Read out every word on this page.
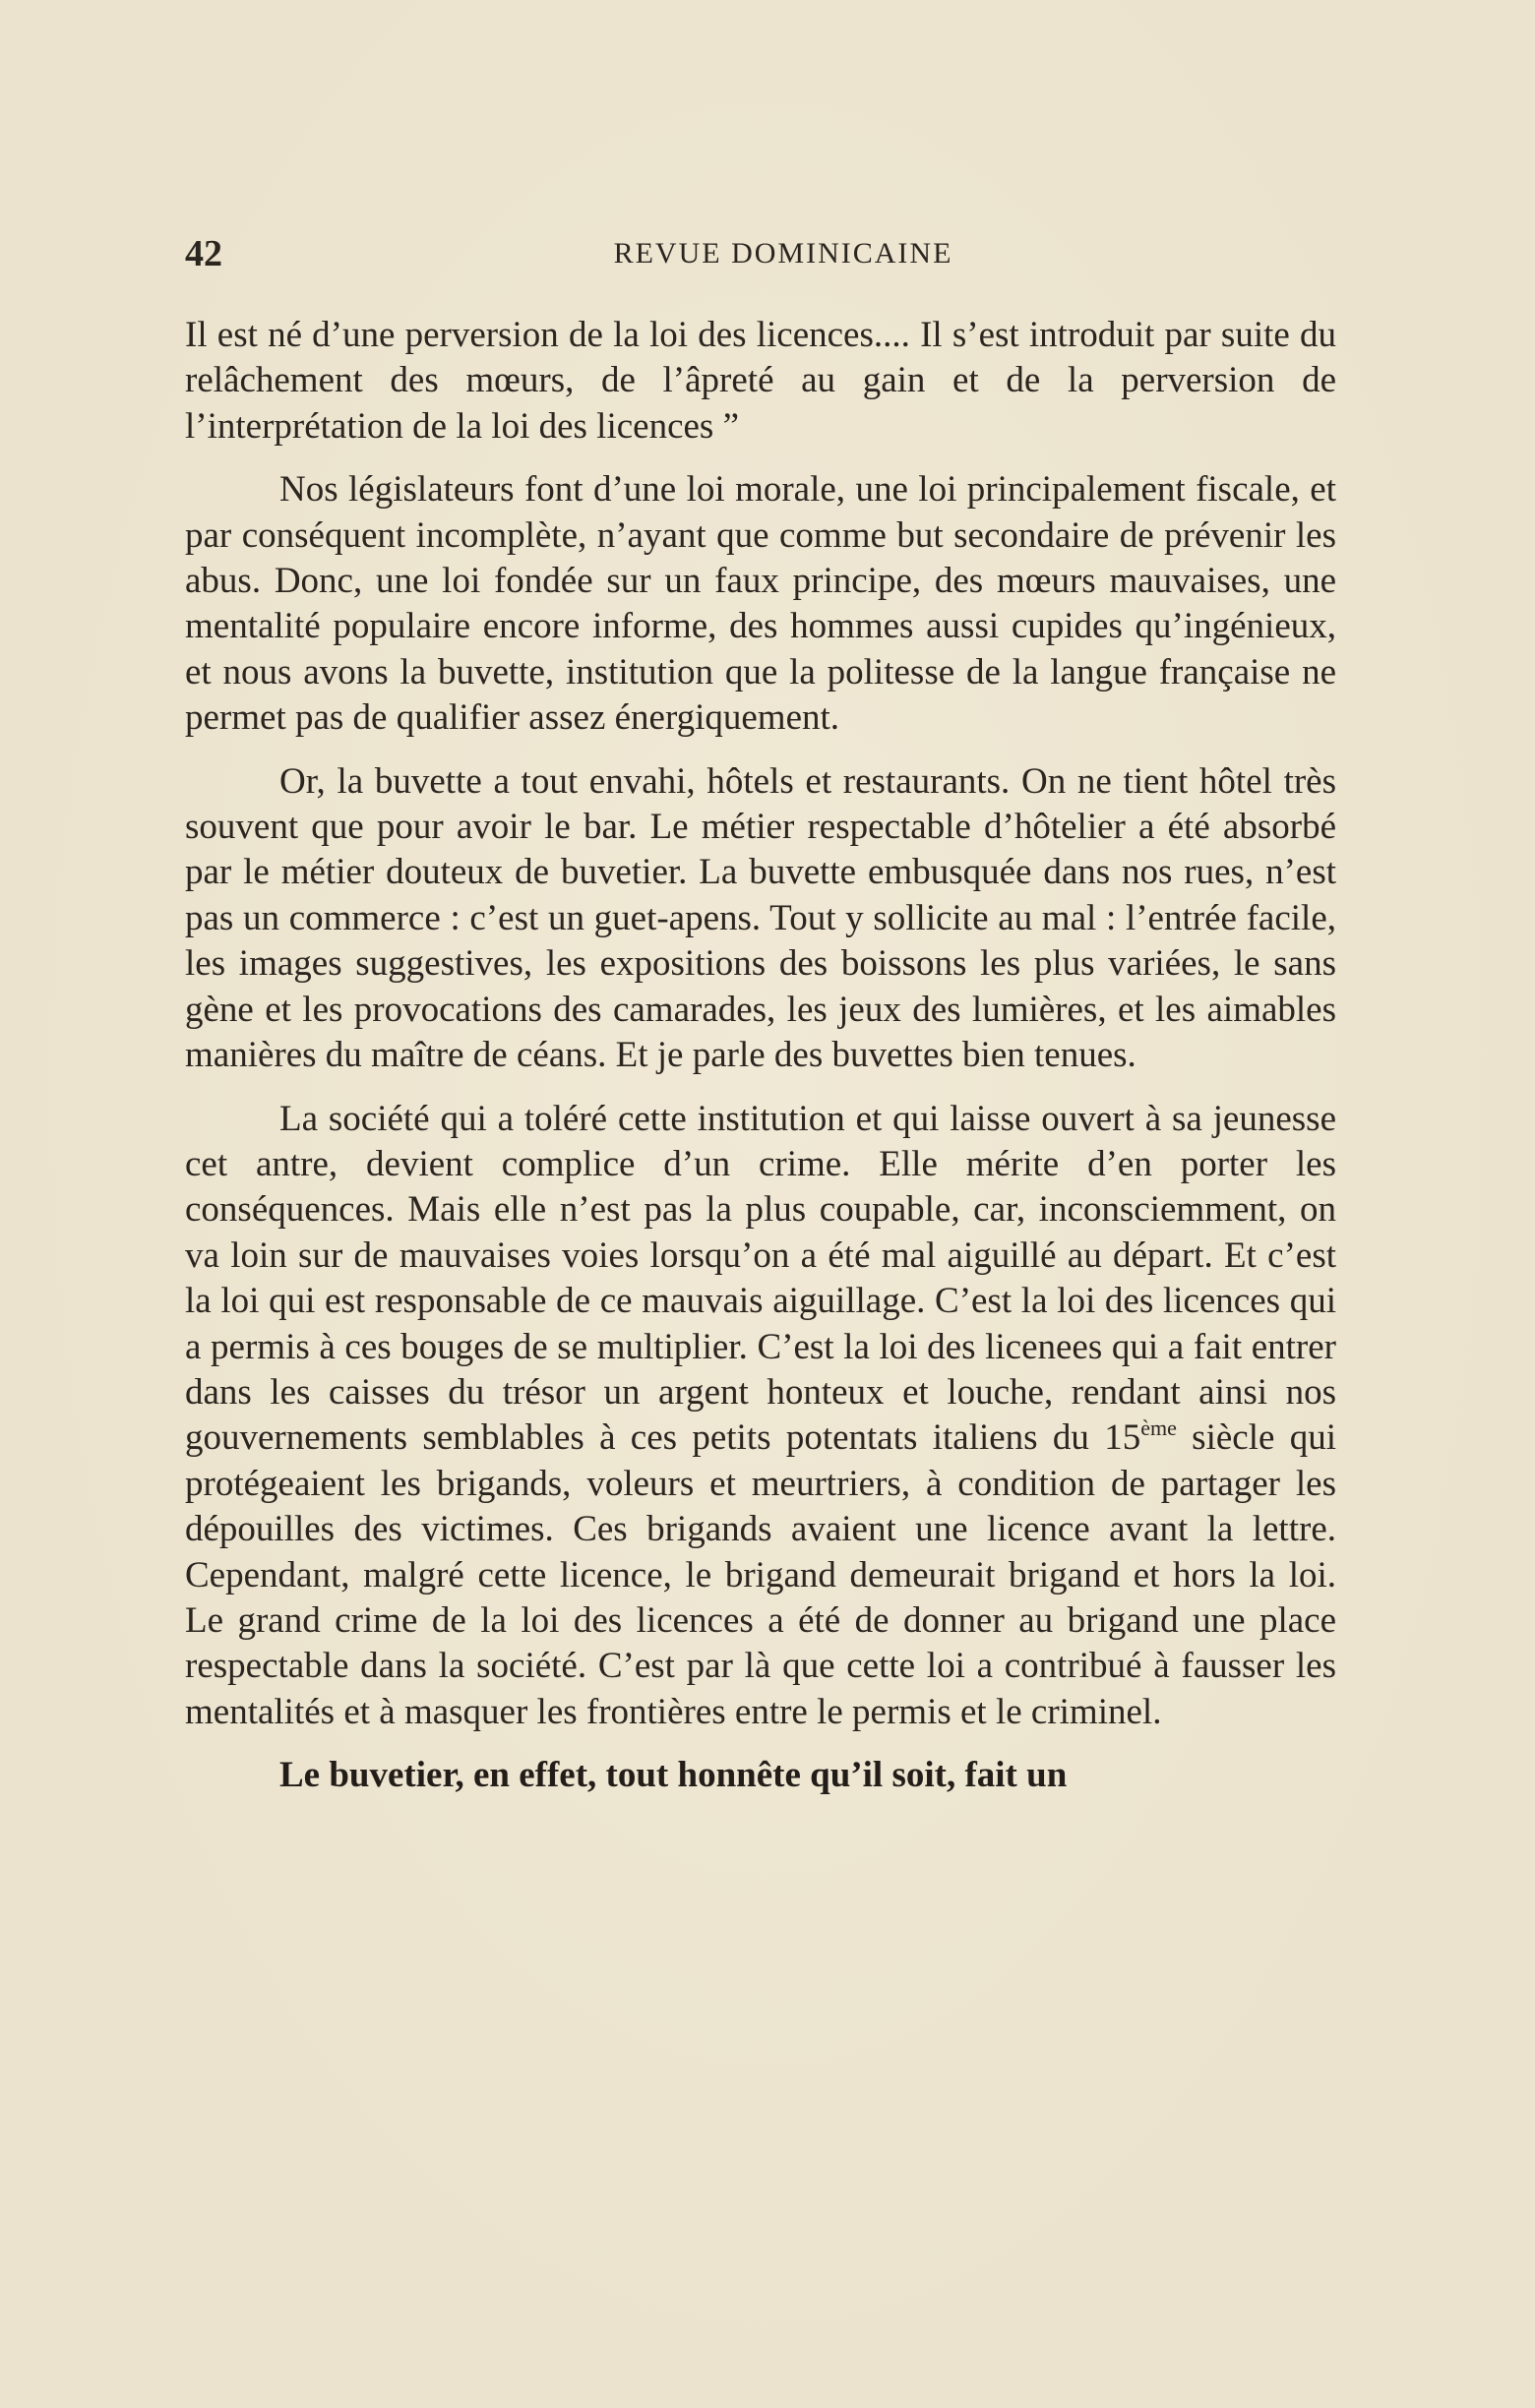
42	REVUE DOMINICAINE

Il est né d’une perversion de la loi des licences.... Il s’est introduit par suite du relâchement des mœurs, de l’âpreté au gain et de la perversion de l’interprétation de la loi des licences ”

Nos législateurs font d’une loi morale, une loi principalement fiscale, et par conséquent incomplète, n’ayant que comme but secondaire de prévenir les abus. Donc, une loi fondée sur un faux principe, des mœurs mauvaises, une mentalité populaire encore informe, des hommes aussi cupides qu’ingénieux, et nous avons la buvette, institution que la politesse de la langue française ne permet pas de qualifier assez énergiquement.

Or, la buvette a tout envahi, hôtels et restaurants. On ne tient hôtel très souvent que pour avoir le bar. Le métier respectable d’hôtelier a été absorbé par le métier douteux de buvetier. La buvette embusquée dans nos rues, n’est pas un commerce : c’est un guet-apens. Tout y sollicite au mal : l’entrée facile, les images suggestives, les expositions des boissons les plus variées, le sans gène et les provocations des camarades, les jeux des lumières, et les aimables manières du maître de céans. Et je parle des buvettes bien tenues.

La société qui a toléré cette institution et qui laisse ouvert à sa jeunesse cet antre, devient complice d’un crime. Elle mérite d’en porter les conséquences. Mais elle n’est pas la plus coupable, car, inconsciemment, on va loin sur de mauvaises voies lorsqu’on a été mal aiguillé au départ. Et c’est la loi qui est responsable de ce mauvais aiguillage. C’est la loi des licences qui a permis à ces bouges de se multiplier. C’est la loi des licenees qui a fait entrer dans les caisses du trésor un argent honteux et louche, rendant ainsi nos gouvernements semblables à ces petits potentats italiens du 15ème siècle qui protégeaient les brigands, voleurs et meurtriers, à condition de partager les dépouilles des victimes. Ces brigands avaient une licence avant la lettre. Cependant, malgré cette licence, le brigand demeurait brigand et hors la loi. Le grand crime de la loi des licences a été de donner au brigand une place respectable dans la société. C’est par là que cette loi a contribué à fausser les mentalités et à masquer les frontières entre le permis et le criminel.

Le buvetier, en effet, tout honnête qu’il soit, fait un
